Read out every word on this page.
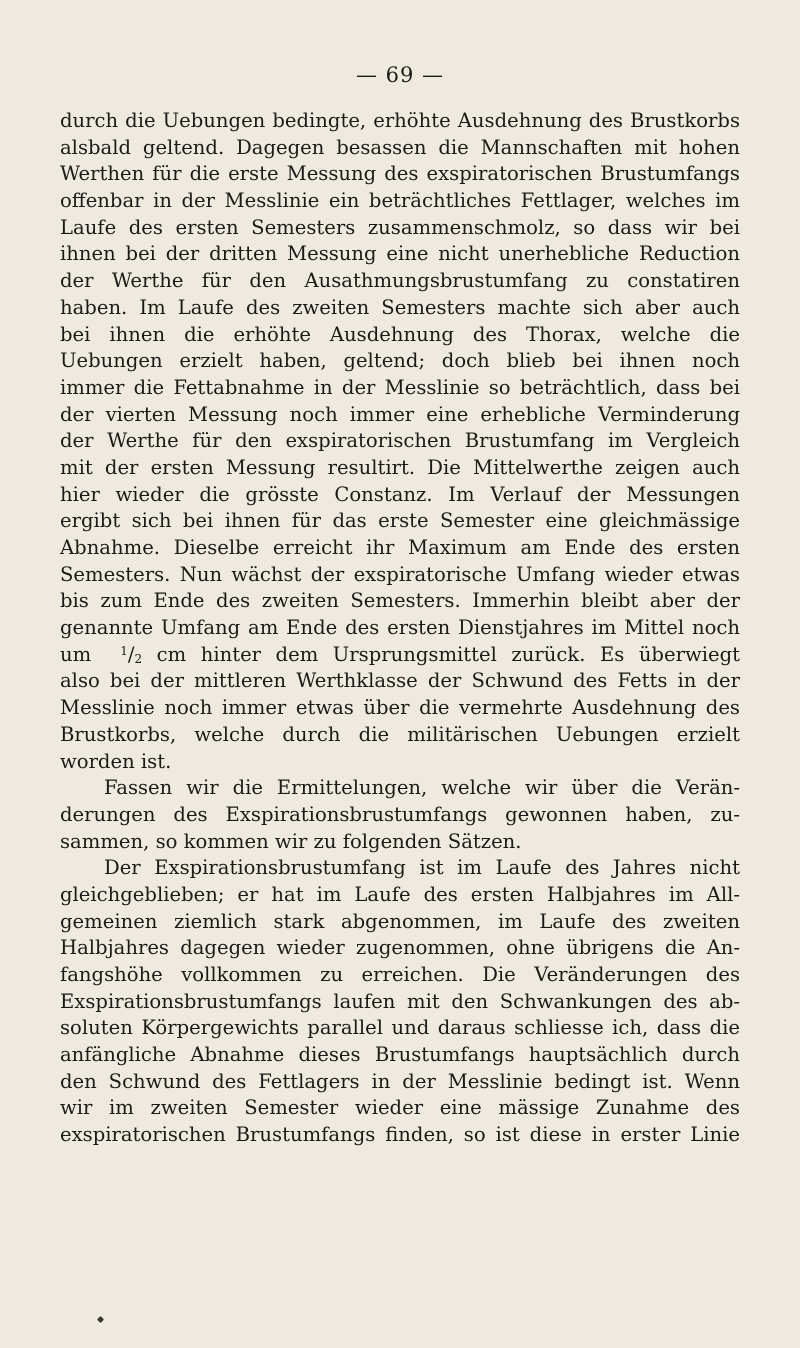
— 69 —
durch die Uebungen bedingte, erhöhte Ausdehnung des Brustkorbs
alsbald geltend. Dagegen besassen die Mannschaften mit hohen
Werthen für die erste Messung des exspiratorischen Brustumfangs
offenbar in der Messlinie ein beträchtliches Fettlager, welches im
Laufe des ersten Semesters zusammenschmolz, so dass wir bei
ihnen bei der dritten Messung eine nicht unerhebliche Reduction
der Werthe für den Ausathmungsbrustumfang zu constatiren
haben. Im Laufe des zweiten Semesters machte sich aber auch
bei ihnen die erhöhte Ausdehnung des Thorax, welche die
Uebungen erzielt haben, geltend; doch blieb bei ihnen noch
immer die Fettabnahme in der Messlinie so beträchtlich, dass bei
der vierten Messung noch immer eine erhebliche Verminderung
der Werthe für den exspiratorischen Brustumfang im Vergleich
mit der ersten Messung resultirt. Die Mittelwerthe zeigen auch
hier wieder die grösste Constanz. Im Verlauf der Messungen
ergibt sich bei ihnen für das erste Semester eine gleichmässige
Abnahme. Dieselbe erreicht ihr Maximum am Ende des ersten
Semesters. Nun wächst der exspiratorische Umfang wieder etwas
bis zum Ende des zweiten Semesters. Immerhin bleibt aber der
genannte Umfang am Ende des ersten Dienstjahres im Mittel noch
um $^1$/2 cm hinter dem Ursprungsmittel zurück. Es überwiegt
also bei der mittleren Werthklasse der Schwund des Fetts in der
Messlinie noch immer etwas über die vermehrte Ausdehnung des
Brustkorbs, welche durch die militärischen Uebungen erzielt
worden ist.
Fassen wir die Ermittelungen, welche wir über die Verän-
derungen des Exspirationsbrustumfangs gewonnen haben, zu-
sammen, so kommen wir zu folgenden Sätzen.
Der Exspirationsbrustumfang ist im Laufe des Jahres nicht
gleichgeblieben; er hat im Laufe des ersten Halbjahres im All-
gemeinen ziemlich stark abgenommen, im Laufe des zweiten
Halbjahres dagegen wieder zugenommen, ohne übrigens die An-
fangshöhe vollkommen zu erreichen. Die Veränderungen des
Exspirationsbrustumfangs laufen mit den Schwankungen des ab-
soluten Körpergewichts parallel und daraus schliesse ich, dass die
anfängliche Abnahme dieses Brustumfangs hauptsächlich durch
den Schwund des Fettlagers in der Messlinie bedingt ist. Wenn
wir im zweiten Semester wieder eine mässige Zunahme des
exspiratorischen Brustumfangs finden, so ist diese in erster Linie
